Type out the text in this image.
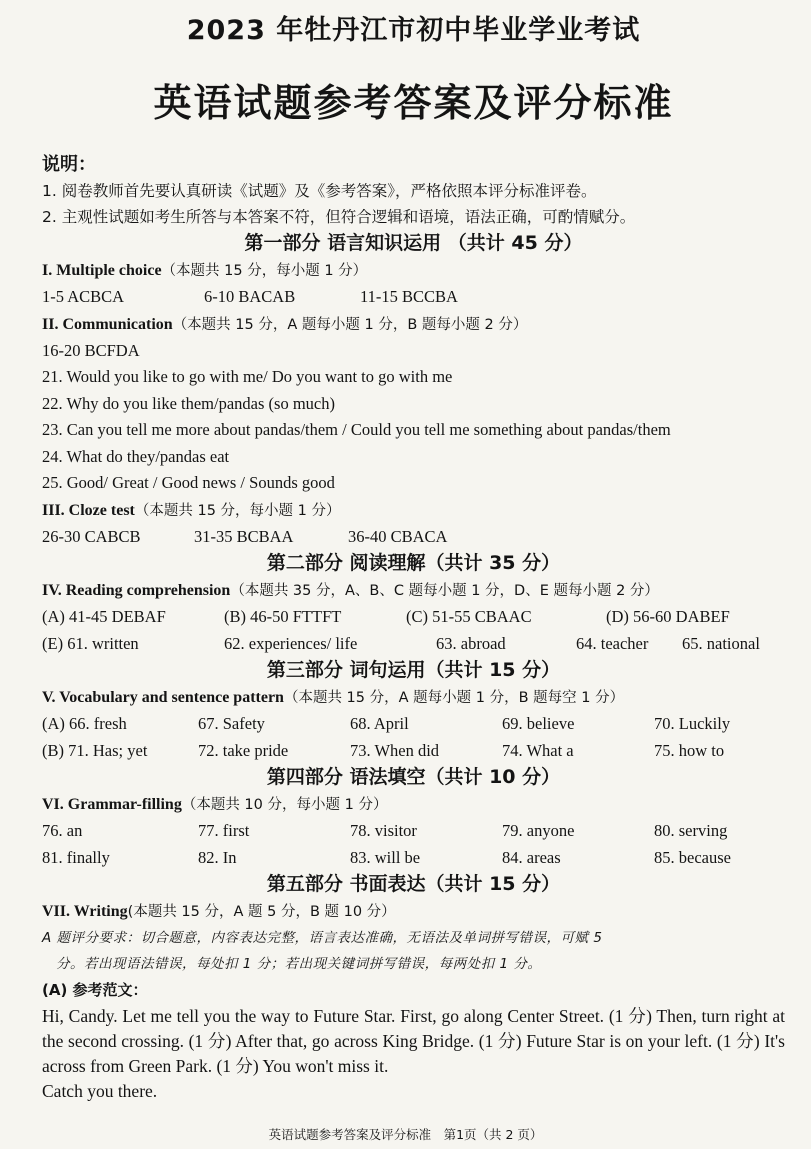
2023 年牡丹江市初中毕业学业考试
英语试题参考答案及评分标准
说明：
1. 阅卷教师首先要认真研读《试题》及《参考答案》，严格依照本评分标准评卷。
2. 主观性试题如考生所答与本答案不符，但符合逻辑和语境，语法正确，可酌情赋分。
第一部分 语言知识运用 （共计 45 分）
I. Multiple choice（本题共 15 分，每小题 1 分）
1-5 ACBCA	6-10 BACAB	11-15 BCCBA
II. Communication（本题共 15 分，A 题每小题 1 分，B 题每小题 2 分）
16-20 BCFDA
21. Would you like to go with me/ Do you want to go with me
22. Why do you like them/pandas (so much)
23. Can you tell me more about pandas/them / Could you tell me something about pandas/them
24. What do they/pandas eat
25. Good/ Great / Good news / Sounds good
III. Cloze test（本题共 15 分，每小题 1 分）
26-30 CABCB	31-35 BCBAA	36-40 CBACA
第二部分 阅读理解（共计 35 分）
IV. Reading comprehension（本题共 35 分，A、B、C 题每小题 1 分，D、E 题每小题 2 分）
(A) 41-45 DEBAF	(B) 46-50 FTTFT	(C) 51-55 CBAAC	(D) 56-60 DABEF
(E) 61. written	62. experiences/ life	63. abroad	64. teacher	65. national
第三部分 词句运用（共计 15 分）
V. Vocabulary and sentence pattern（本题共 15 分，A 题每小题 1 分，B 题每空 1 分）
(A) 66. fresh	67. Safety	68. April	69. believe	70. Luckily
(B) 71. Has; yet	72. take pride	73. When did	74. What a	75. how to
第四部分 语法填空（共计 10 分）
VI. Grammar-filling（本题共 10 分，每小题 1 分）
76. an	77. first	78. visitor	79. anyone	80. serving
81. finally	82. In	83. will be	84. areas	85. because
第五部分 书面表达（共计 15 分）
VII. Writing(本题共 15 分，A 题 5 分，B 题 10 分）
A 题评分要求：切合题意，内容表达完整，语言表达准确，无语法及单词拼写错误，可赋 5
分。若出现语法错误，每处扣 1 分；若出现关键词拼写错误，每两处扣 1 分。
(A) 参考范文：
Hi, Candy. Let me tell you the way to Future Star. First, go along Center Street. (1 分) Then, turn right at the second crossing. (1 分) After that, go across King Bridge. (1 分) Future Star is on your left. (1 分) It's across from Green Park. (1 分) You won't miss it.
Catch you there.
英语试题参考答案及评分标准　第1页（共 2 页）
